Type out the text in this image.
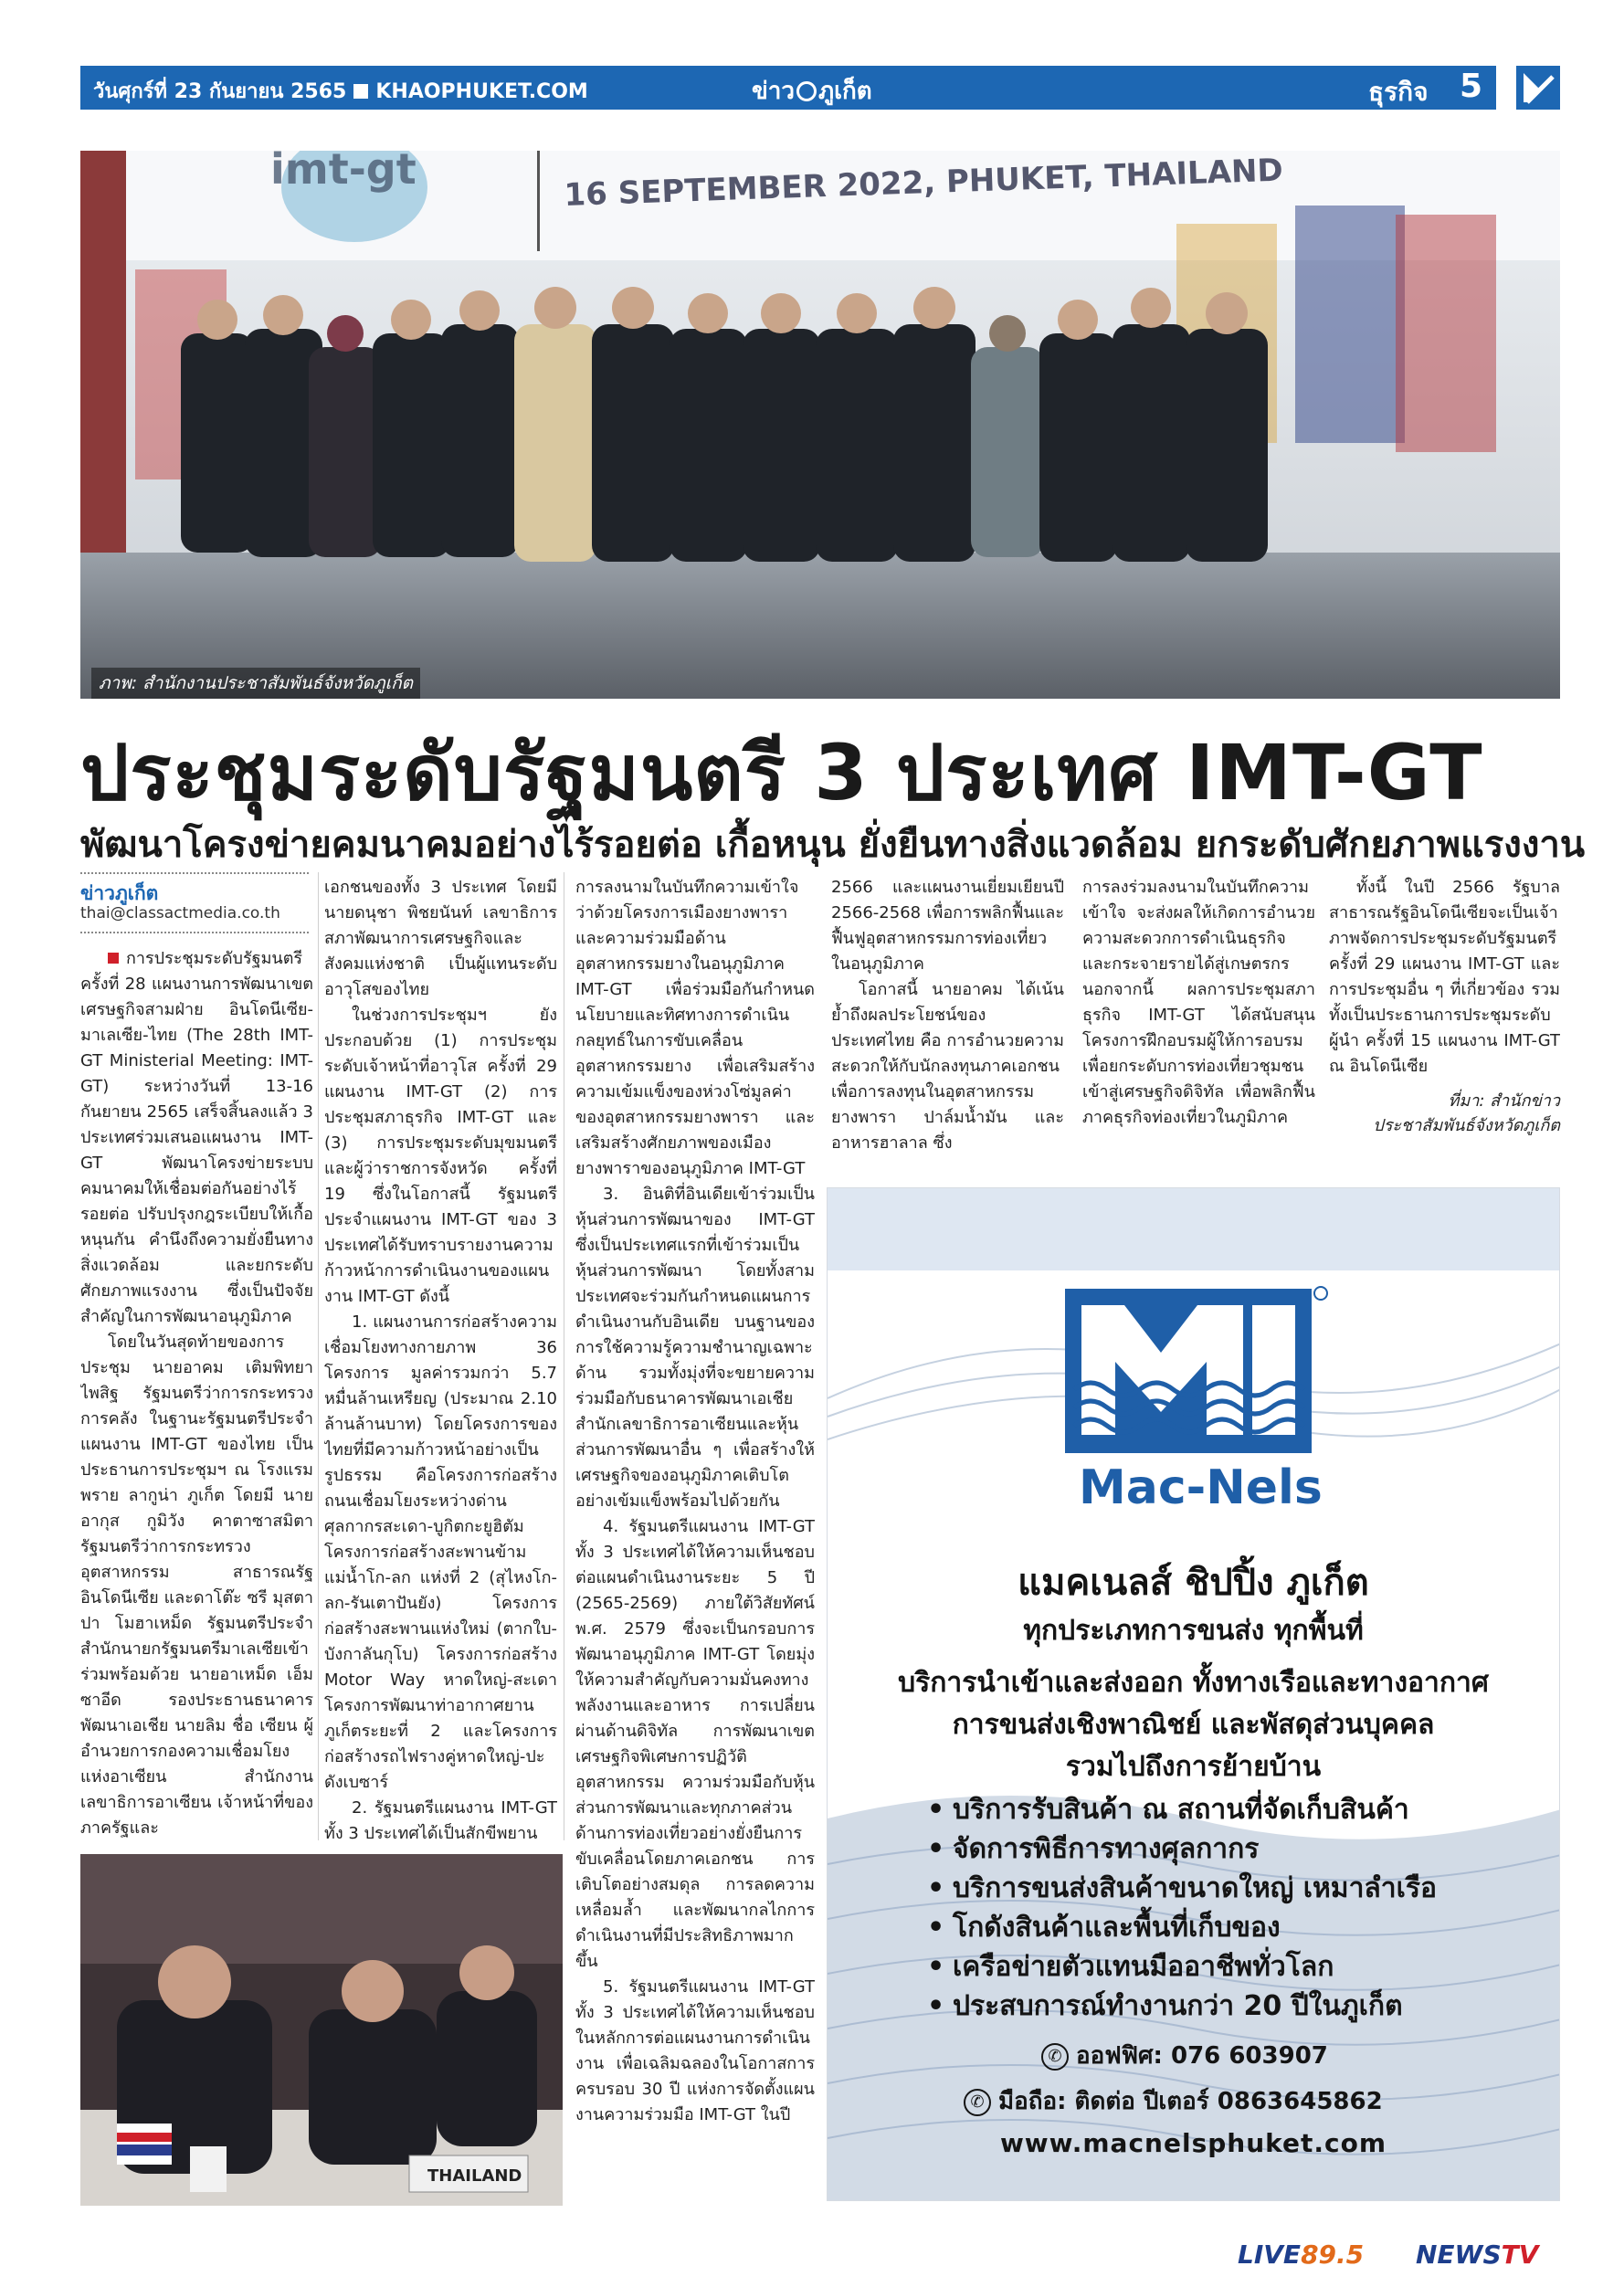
วันศุกร์ที่ 23 กันยายน 2565 KHAOPHUKET.COM	ข่าว ภูเก็ต	ธุรกิจ 5
imt-gt	16 SEPTEMBER 2022, PHUKET, THAILAND
ภาพ: สำนักงานประชาสัมพันธ์จังหวัดภูเก็ต
ประชุมระดับรัฐมนตรี 3 ประเทศ IMT-GT
พัฒนาโครงข่ายคมนาคมอย่างไร้รอยต่อ เกื้อหนุน ยั่งยืนทางสิ่งแวดล้อม ยกระดับศักยภาพแรงงาน
ข่าวภูเก็ต
thai@classactmedia.co.th

การประชุมระดับรัฐมนตรี ครั้งที่ 28 แผนงานการพัฒนาเขตเศรษฐกิจสามฝ่าย อินโดนีเซีย-มาเลเซีย-ไทย (The 28th IMT-GT Ministerial Meeting: IMT-GT) ระหว่างวันที่ 13-16 กันยายน 2565 เสร็จสิ้นลงแล้ว 3 ประเทศร่วมเสนอแผนงาน IMT-GT พัฒนาโครงข่ายระบบคมนาคมให้เชื่อมต่อกันอย่างไร้รอยต่อ ปรับปรุงกฎระเบียบให้เกื้อหนุนกัน คำนึงถึงความยั่งยืนทางสิ่งแวดล้อม และยกระดับศักยภาพแรงงาน ซึ่งเป็นปัจจัยสำคัญในการพัฒนาอนุภูมิภาค

โดยในวันสุดท้ายของการประชุม นายอาคม เติมพิทยาไพสิฐ รัฐมนตรีว่าการกระทรวงการคลัง ในฐานะรัฐมนตรีประจำแผนงาน IMT-GT ของไทย เป็นประธานการประชุมฯ ณ โรงแรมพราย ลากูน่า ภูเก็ต โดยมี นายอากุส กูมิวัง คาตาซาสมิตา รัฐมนตรีว่าการกระทรวงอุตสาหกรรม สาธารณรัฐอินโดนีเซีย และดาโต๊ะ ซรี มุสตาปา โมฮาเหม็ด รัฐมนตรีประจำสำนักนายกรัฐมนตรีมาเลเซียเข้าร่วมพร้อมด้วย นายอาเหม็ด เอ็มซาอีด รองประธานธนาคารพัฒนาเอเชีย นายลิม ชื่อ เซียน ผู้อำนวยการกองความเชื่อมโยงแห่งอาเซียน สำนักงานเลขาธิการอาเซียน เจ้าหน้าที่ของภาครัฐและ

เอกชนของทั้ง 3 ประเทศ โดยมี นายดนุชา พิชยนันท์ เลขาธิการสภาพัฒนาการเศรษฐกิจและสังคมแห่งชาติ เป็นผู้แทนระดับอาวุโสของไทย

ในช่วงการประชุมฯ ยังประกอบด้วย (1) การประชุมระดับเจ้าหน้าที่อาวุโส ครั้งที่ 29 แผนงาน IMT-GT (2) การประชุมสภาธุรกิจ IMT-GT และ (3) การประชุมระดับมุขมนตรีและผู้ว่าราชการจังหวัด ครั้งที่ 19 ซึ่งในโอกาสนี้ รัฐมนตรีประจำแผนงาน IMT-GT ของ 3 ประเทศได้รับทราบรายงานความก้าวหน้าการดำเนินงานของแผนงาน IMT-GT ดังนี้

1. แผนงานการก่อสร้างความเชื่อมโยงทางกายภาพ 36 โครงการ มูลค่ารวมกว่า 5.7 หมื่นล้านเหรียญ (ประมาณ 2.10 ล้านล้านบาท) โดยโครงการของไทยที่มีความก้าวหน้าอย่างเป็นรูปธรรม คือโครงการก่อสร้างถนนเชื่อมโยงระหว่างด่านศุลกากรสะเดา-บูกิตกะยูฮิตัม โครงการก่อสร้างสะพานข้ามแม่น้ำโก-ลก แห่งที่ 2 (สุไหงโก-ลก-รันเตาปันยัง) โครงการก่อสร้างสะพานแห่งใหม่ (ตากใบ-บังกาลันกุโบ) โครงการก่อสร้าง Motor Way หาดใหญ่-สะเดา โครงการพัฒนาท่าอากาศยานภูเก็ตระยะที่ 2 และโครงการก่อสร้างรถไฟรางคู่หาดใหญ่-ปะดังเบซาร์

2. รัฐมนตรีแผนงาน IMT-GT ทั้ง 3 ประเทศได้เป็นสักขีพยาน

การลงนามในบันทึกความเข้าใจว่าด้วยโครงการเมืองยางพาราและความร่วมมือด้านอุตสาหกรรมยางในอนุภูมิภาค IMT-GT เพื่อร่วมมือกันกำหนดนโยบายและทิศทางการดำเนินกลยุทธ์ในการขับเคลื่อนอุตสาหกรรมยาง เพื่อเสริมสร้างความเข้มแข็งของห่วงโซ่มูลค่าของอุตสาหกรรมยางพารา และเสริมสร้างศักยภาพของเมืองยางพาราของอนุภูมิภาค IMT-GT

3. อินติที่อินเดียเข้าร่วมเป็นหุ้นส่วนการพัฒนาของ IMT-GT ซึ่งเป็นประเทศแรกที่เข้าร่วมเป็นหุ้นส่วนการพัฒนา โดยทั้งสามประเทศจะร่วมกันกำหนดแผนการดำเนินงานกับอินเดีย บนฐานของการใช้ความรู้ความชำนาญเฉพาะด้าน รวมทั้งมุ่งที่จะขยายความร่วมมือกับธนาคารพัฒนาเอเชีย สำนักเลขาธิการอาเซียนและหุ้นส่วนการพัฒนาอื่น ๆ เพื่อสร้างให้เศรษฐกิจของอนุภูมิภาคเติบโตอย่างเข้มแข็งพร้อมไปด้วยกัน

4. รัฐมนตรีแผนงาน IMT-GT ทั้ง 3 ประเทศได้ให้ความเห็นชอบต่อแผนดำเนินงานระยะ 5 ปี (2565-2569) ภายใต้วิสัยทัศน์ พ.ศ. 2579 ซึ่งจะเป็นกรอบการพัฒนาอนุภูมิภาค IMT-GT โดยมุ่งให้ความสำคัญกับความมั่นคงทางพลังงานและอาหาร การเปลี่ยนผ่านด้านดิจิทัล การพัฒนาเขตเศรษฐกิจพิเศษการปฏิวัติอุตสาหกรรม ความร่วมมือกับหุ้นส่วนการพัฒนาและทุกภาคส่วน ด้านการท่องเที่ยวอย่างยั่งยืนการขับเคลื่อนโดยภาคเอกชน การเติบโตอย่างสมดุล การลดความเหลื่อมล้ำ และพัฒนากลไกการดำเนินงานที่มีประสิทธิภาพมากขึ้น

5. รัฐมนตรีแผนงาน IMT-GT ทั้ง 3 ประเทศได้ให้ความเห็นชอบในหลักการต่อแผนงานการดำเนินงาน เพื่อเฉลิมฉลองในโอกาสการครบรอบ 30 ปี แห่งการจัดตั้งแผนงานความร่วมมือ IMT-GT ในปี

2566 และแผนงานเยี่ยมเยียนปี 2566-2568 เพื่อการพลิกฟื้นและฟื้นฟูอุตสาหกรรมการท่องเที่ยวในอนุภูมิภาค

โอกาสนี้ นายอาคม ได้เน้นย้ำถึงผลประโยชน์ของประเทศไทย คือ การอำนวยความสะดวกให้กับนักลงทุนภาคเอกชน เพื่อการลงทุนในอุตสาหกรรมยางพารา ปาล์มน้ำมัน และอาหารฮาลาล ซึ่ง

การลงร่วมลงนามในบันทึกความเข้าใจ จะส่งผลให้เกิดการอำนวยความสะดวกการดำเนินธุรกิจและกระจายรายได้สู่เกษตรกร นอกจากนี้ ผลการประชุมสภาธุรกิจ IMT-GT ได้สนับสนุนโครงการฝึกอบรมผู้ให้การอบรมเพื่อยกระดับการท่องเที่ยวชุมชนเข้าสู่เศรษฐกิจดิจิทัล เพื่อพลิกฟื้นภาคธุรกิจท่องเที่ยวในภูมิภาค

ทั้งนี้ ในปี 2566 รัฐบาลสาธารณรัฐอินโดนีเซียจะเป็นเจ้าภาพจัดการประชุมระดับรัฐมนตรี ครั้งที่ 29 แผนงาน IMT-GT และการประชุมอื่น ๆ ที่เกี่ยวข้อง รวมทั้งเป็นประธานการประชุมระดับผู้นำ ครั้งที่ 15 แผนงาน IMT-GT ณ อินโดนีเซีย

ที่มา: สำนักข่าว
ประชาสัมพันธ์จังหวัดภูเก็ต
THAILAND
Mac-Nels
แมคเนลส์ ชิปปิ้ง ภูเก็ต
ทุกประเภทการขนส่ง ทุกพื้นที่
บริการนำเข้าและส่งออก ทั้งทางเรือและทางอากาศ
การขนส่งเชิงพาณิชย์ และพัสดุส่วนบุคคล
รวมไปถึงการย้ายบ้าน
• บริการรับสินค้า ณ สถานที่จัดเก็บสินค้า
• จัดการพิธีการทางศุลกากร
• บริการขนส่งสินค้าขนาดใหญ่ เหมาลำเรือ
• โกดังสินค้าและพื้นที่เก็บของ
• เครือข่ายตัวแทนมืออาชีพทั่วโลก
• ประสบการณ์ทำงานกว่า 20 ปีในภูเก็ต
✆ ออฟฟิศ: 076 603907
✆ มือถือ: ติดต่อ ปีเตอร์ 0863645862
www.macnelsphuket.com
LIVE89.5 NEWSTV
